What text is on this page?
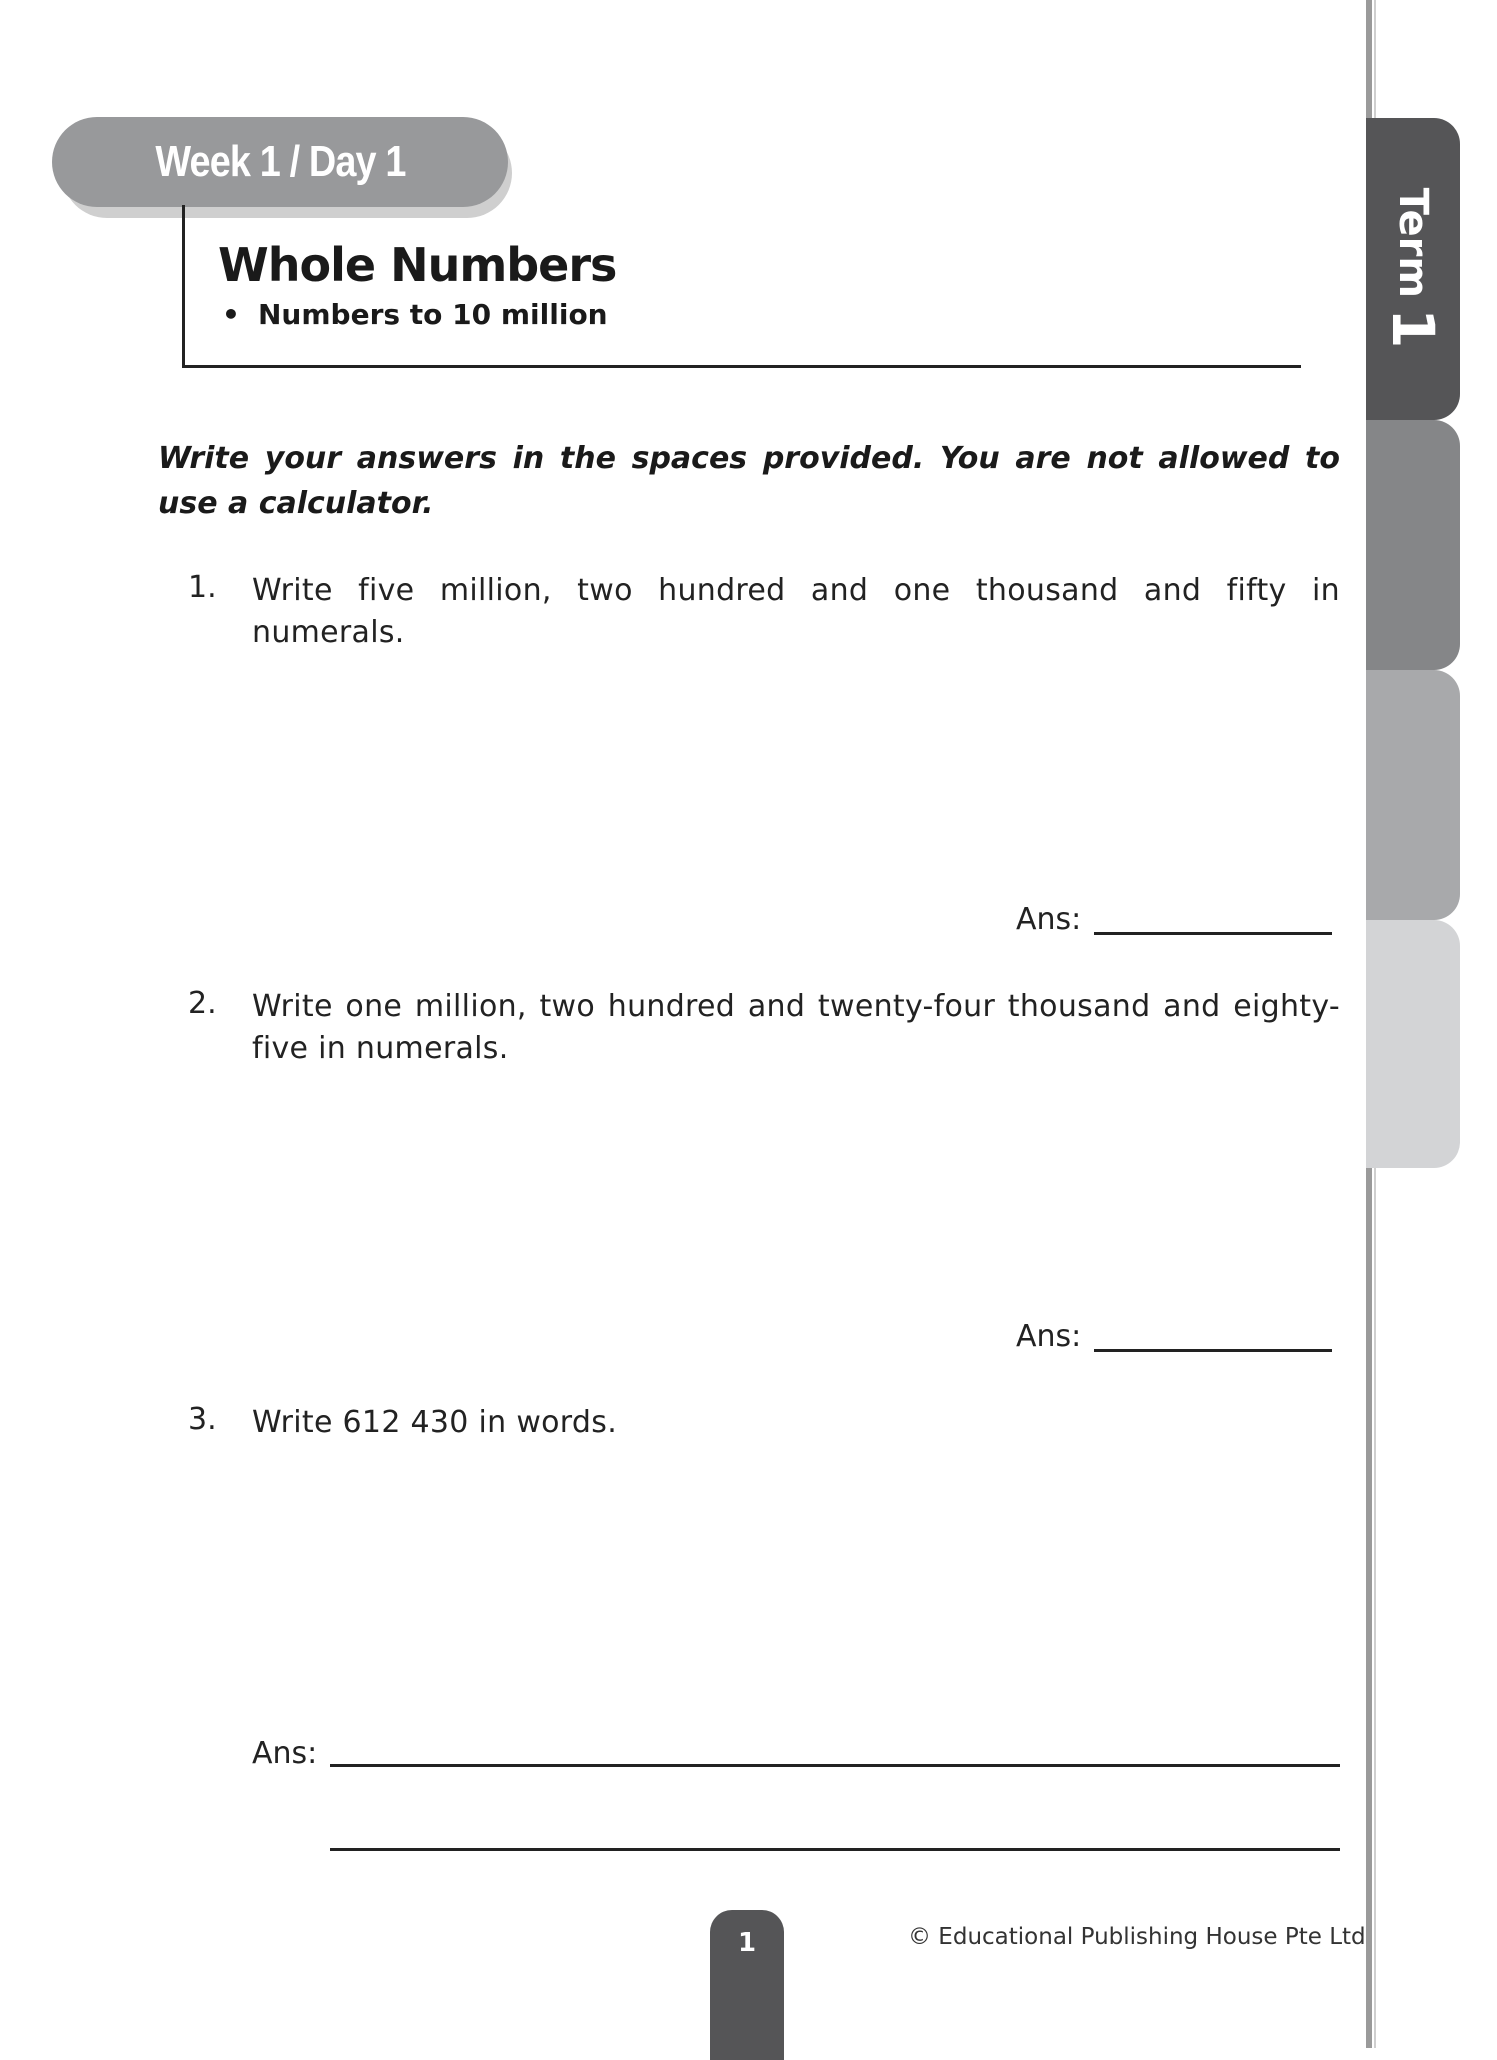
Term1
Week 1 / Day 1
Whole Numbers
• Numbers to 10 million
Write your answers in the spaces provided. You are not allowed to use a calculator.
1. Write five million, two hundred and one thousand and fifty in numerals.
Ans:
2. Write one million, two hundred and twenty-four thousand and eighty-five in numerals.
Ans:
3. Write 612 430 in words.
Ans:
1	© Educational Publishing House Pte Ltd
